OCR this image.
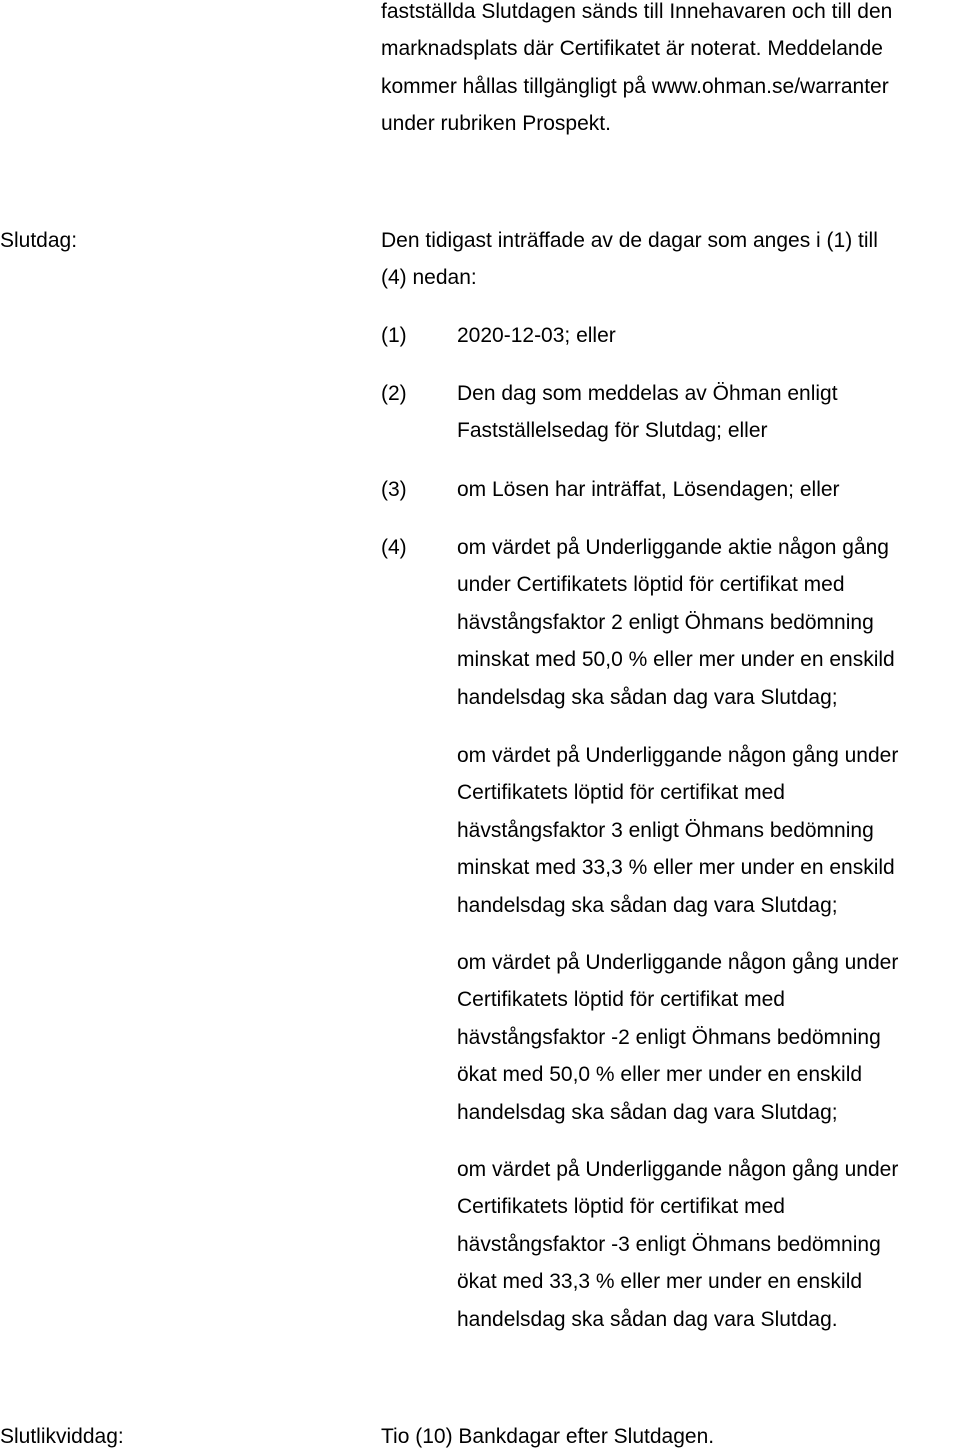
fastställda Slutdagen sänds till Innehavaren och till den
marknadsplats där Certifikatet är noterat. Meddelande
kommer hållas tillgängligt på www.ohman.se/warranter
under rubriken Prospekt.
Slutdag:	Den tidigast inträffade av de dagar som anges i (1) till
(4) nedan:
(1) 2020-12-03; eller
(2) Den dag som meddelas av Öhman enligt
Fastställelsedag för Slutdag; eller
(3) om Lösen har inträffat, Lösendagen; eller
(4) om värdet på Underliggande aktie någon gång
under Certifikatets löptid för certifikat med
hävstångsfaktor 2 enligt Öhmans bedömning
minskat med 50,0 % eller mer under en enskild
handelsdag ska sådan dag vara Slutdag;
om värdet på Underliggande någon gång under
Certifikatets löptid för certifikat med
hävstångsfaktor 3 enligt Öhmans bedömning
minskat med 33,3 % eller mer under en enskild
handelsdag ska sådan dag vara Slutdag;
om värdet på Underliggande någon gång under
Certifikatets löptid för certifikat med
hävstångsfaktor -2 enligt Öhmans bedömning
ökat med 50,0 % eller mer under en enskild
handelsdag ska sådan dag vara Slutdag;
om värdet på Underliggande någon gång under
Certifikatets löptid för certifikat med
hävstångsfaktor -3 enligt Öhmans bedömning
ökat med 33,3 % eller mer under en enskild
handelsdag ska sådan dag vara Slutdag.
Slutlikviddag:	Tio (10) Bankdagar efter Slutdagen.
